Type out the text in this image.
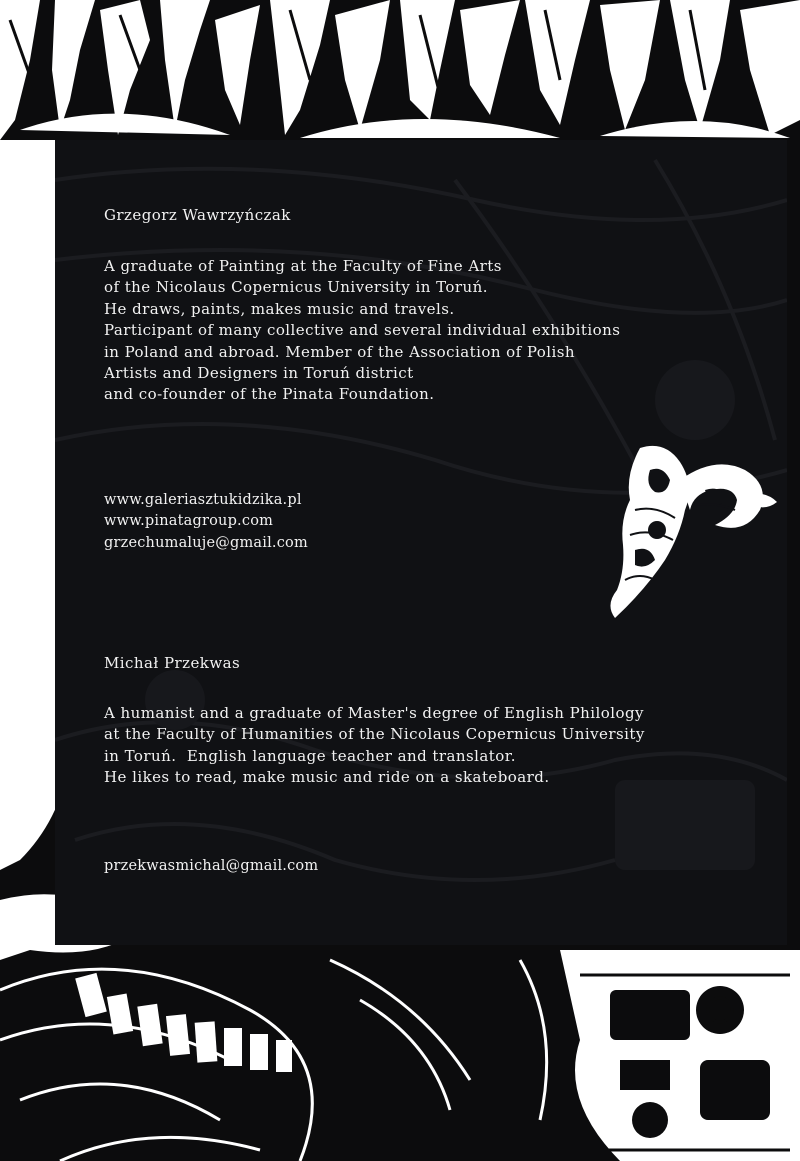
Grzegorz Wawrzyńczak
A graduate of Painting at the Faculty of Fine Arts
of the Nicolaus Copernicus University in Toruń.
He draws, paints, makes music and travels.
Participant of many collective and several individual exhibitions
in Poland and abroad. Member of the Association of Polish
Artists and Designers in Toruń district
and co-founder of the Pinata Foundation.
www.galeriasztukidzika.pl
www.pinatagroup.com
grzechumaluje@gmail.com
Michał Przekwas
A humanist and a graduate of Master's degree of English Philology
at the Faculty of Humanities of the Nicolaus Copernicus University
in Toruń.  English language teacher and translator.
He likes to read, make music and ride on a skateboard.
przekwasmichal@gmail.com
